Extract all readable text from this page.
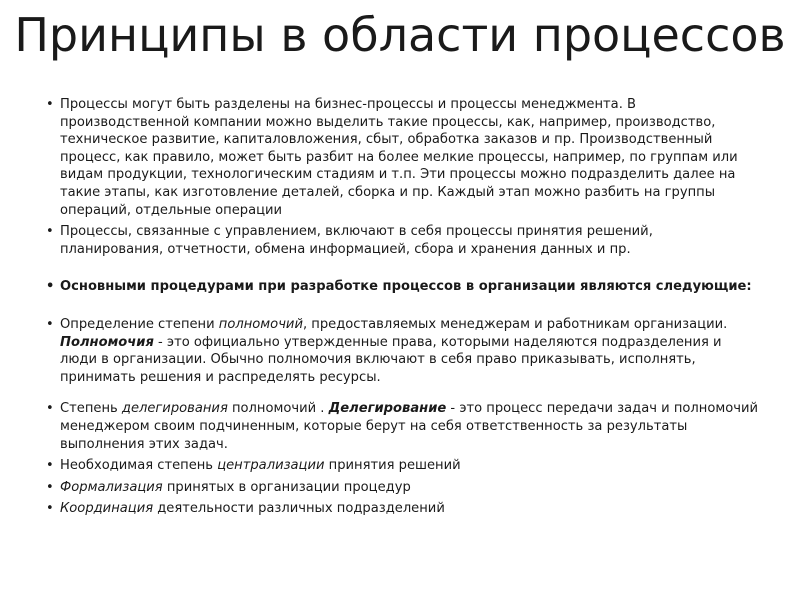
Принципы в области процессов
• Процессы могут быть разделены на бизнес-процессы и процессы менеджмента. В производственной компании можно выделить такие процессы, как, например, производство, техническое развитие, капиталовложения, сбыт, обработка заказов и пр. Производственный процесс, как правило, может быть разбит на более мелкие процессы, например, по группам или видам продукции, технологическим стадиям и т.п. Эти процессы можно подразделить далее на такие этапы, как изготовление деталей, сборка и пр. Каждый этап можно разбить на группы операций, отдельные операции
• Процессы, связанные с управлением, включают в себя процессы принятия решений, планирования, отчетности, обмена информацией, сбора и хранения данных и пр.
• Основными процедурами при разработке процессов в организации являются следующие:
• Определение степени полномочий, предоставляемых менеджерам и работникам организации. Полномочия - это официально утвержденные права, которыми наделяются подразделения и люди в организации. Обычно полномочия включают в себя право приказывать, исполнять, принимать решения и распределять ресурсы.
• Степень делегирования полномочий . Делегирование - это процесс передачи задач и полномочий менеджером своим подчиненным, которые берут на себя ответственность за результаты выполнения этих задач.
• Необходимая степень централизации принятия решений
• Формализация принятых в организации процедур
• Координация деятельности различных подразделений
